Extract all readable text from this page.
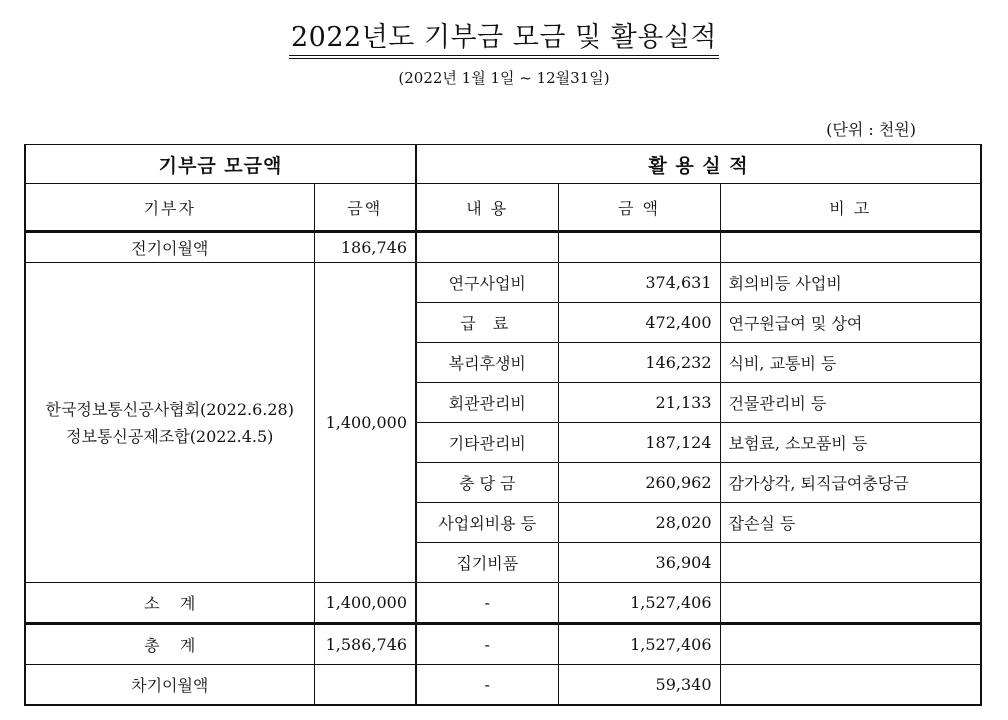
2022년도 기부금 모금 및 활용실적
(2022년 1월 1일 ~ 12월31일)
(단위 : 천원)
기부금 모금액		활 용 실 적		
기부자	금액	내 용	금 액	비 고
전기이월액	186,746			

한국정보통신공사협회(2022.6.28)
정보통신공제조합(2022.4.5)	1,400,000	연구사업비	374,631	회의비등 사업비
		급 료	472,400	연구원급여 및 상여
		복리후생비	146,232	식비, 교통비 등
		회관관리비	21,133	건물관리비 등
		기타관리비	187,124	보험료, 소모품비 등
		충 당 금	260,962	감가상각, 퇴직급여충당금
		사업외비용 등	28,020	잡손실 등
		집기비품	36,904	
소    계	1,400,000	-	1,527,406	
총    계	1,586,746	-	1,527,406	
차기이월액		-	59,340	
